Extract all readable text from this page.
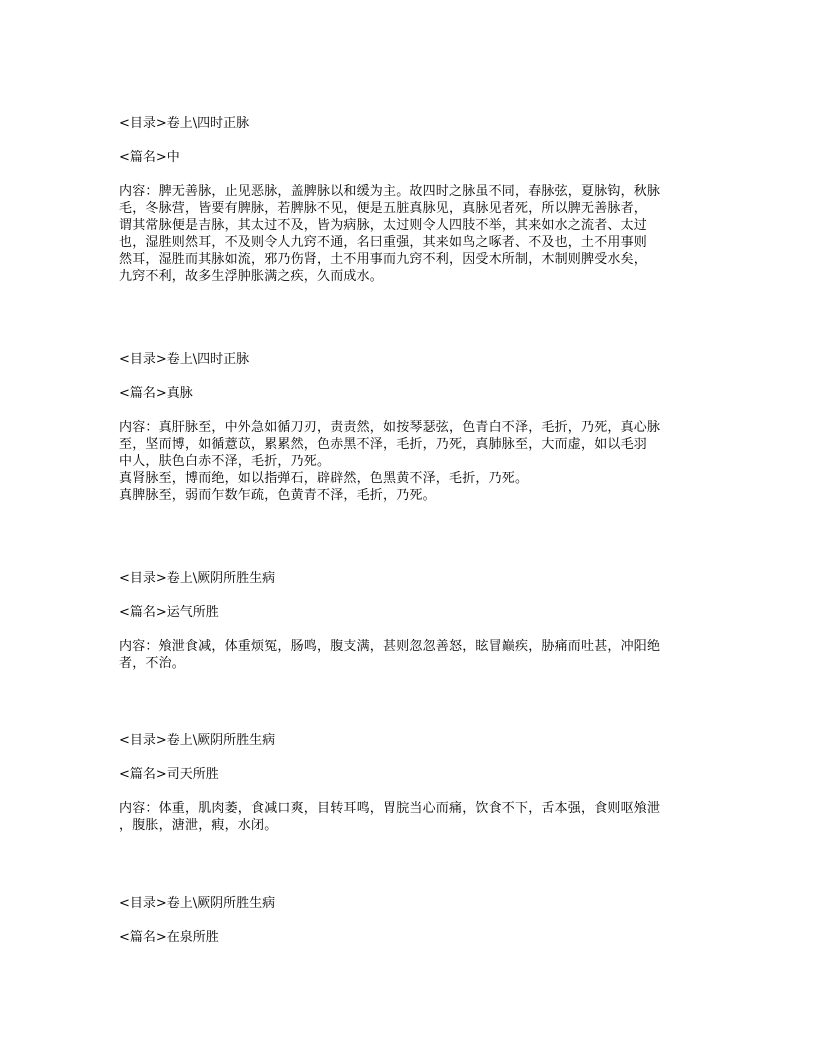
<目录>卷上\四时正脉

<篇名>中

内容：脾无善脉，止见恶脉，盖脾脉以和缓为主。故四时之脉虽不同，春脉弦，夏脉钩，秋脉

毛，冬脉营，皆要有脾脉，若脾脉不见，便是五脏真脉见，真脉见者死，所以脾无善脉者，

谓其常脉便是吉脉，其太过不及，皆为病脉，太过则令人四肢不举，其来如水之流者、太过

也，湿胜则然耳，不及则令人九窍不通，名曰重强，其来如鸟之啄者、不及也，土不用事则

然耳，湿胜而其脉如流，邪乃伤肾，土不用事而九窍不利，因受木所制，木制则脾受水矣，

九窍不利，故多生浮肿胀满之疾，久而成水。

<目录>卷上\四时正脉

<篇名>真脉

内容：真肝脉至，中外急如循刀刃，责责然，如按琴瑟弦，色青白不泽，毛折，乃死，真心脉

至，坚而博，如循薏苡，累累然，色赤黑不泽，毛折，乃死，真肺脉至，大而虚，如以毛羽

中人，肤色白赤不泽，毛折，乃死。

真肾脉至，博而绝，如以指弹石，辟辟然，色黑黄不泽，毛折，乃死。

真脾脉至，弱而乍数乍疏，色黄青不泽，毛折，乃死。

<目录>卷上\厥阴所胜生病

<篇名>运气所胜

内容：飧泄食减，体重烦冤，肠鸣，腹支满，甚则忽忽善怒，眩冒巅疾，胁痛而吐甚，冲阳绝

者，不治。

<目录>卷上\厥阴所胜生病

<篇名>司天所胜

内容：体重，肌肉萎，食减口爽，目转耳鸣，胃脘当心而痛，饮食不下，舌本强，食则呕飧泄

，腹胀，溏泄，瘕，水闭。

<目录>卷上\厥阴所胜生病

<篇名>在泉所胜
